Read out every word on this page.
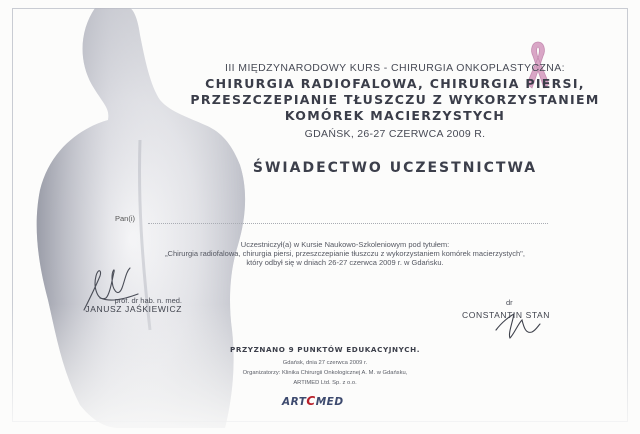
III MIĘDZYNARODOWY KURS - CHIRURGIA ONKOPLASTYCZNA:
CHIRURGIA RADIOFALOWA, CHIRURGIA PIERSI,
PRZESZCZEPIANIE TŁUSZCZU Z WYKORZYSTANIEM
KOMÓREK MACIERZYSTYCH
GDAŃSK, 26-27 CZERWCA 2009 R.
ŚWIADECTWO UCZESTNICTWA
Pan(i)
Uczestniczył(a) w Kursie Naukowo-Szkoleniowym pod tytułem:
„Chirurgia radiofalowa, chirurgia piersi, przeszczepianie tłuszczu z wykorzystaniem komórek macierzystych",
który odbył się w dniach 26-27 czerwca 2009 r. w Gdańsku.
prof. dr hab. n. med.
JANUSZ JAŚKIEWICZ
dr
CONSTANTIN STAN
PRZYZNANO 9 PUNKTÓW EDUKACYJNYCH.
Gdańsk, dnia 27 czerwca 2009 r.
Organizatorzy: Klinika Chirurgii Onkologicznej A. M. w Gdańsku,
ARTIMED Ltd. Sp. z o.o.
ARTCMED
